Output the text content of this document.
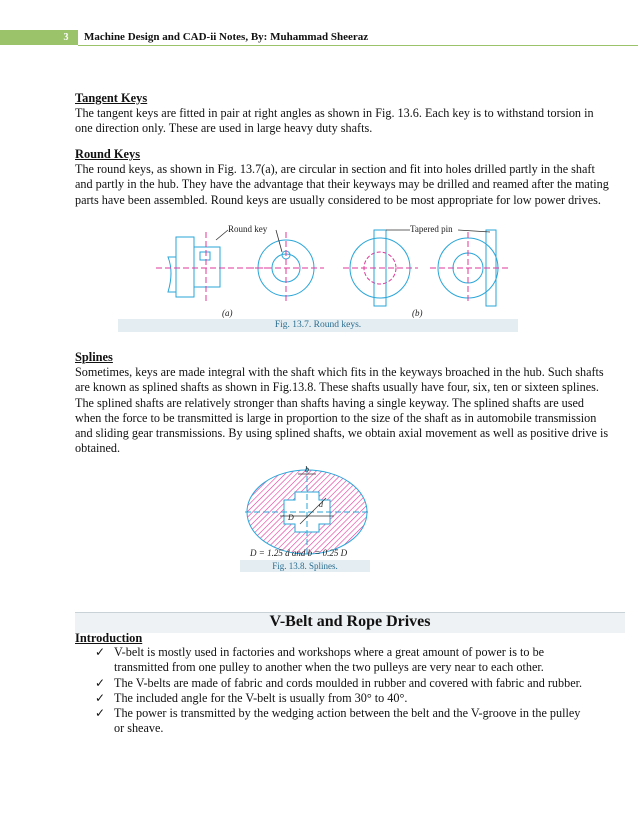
3	Machine Design and CAD-ii Notes, By: Muhammad Sheeraz
Tangent Keys
The tangent keys are fitted in pair at right angles as shown in Fig. 13.6. Each key is to withstand torsion in one direction only. These are used in large heavy duty shafts.
Round Keys
The round keys, as shown in Fig. 13.7(a), are circular in section and fit into holes drilled partly in the shaft and partly in the hub. They have the advantage that their keyways may be drilled and reamed after the mating parts have been assembled. Round keys are usually considered to be most appropriate for low power drives.
Round key	Tapered pin
(a)	(b)
Fig. 13.7. Round keys.
Splines
Sometimes, keys are made integral with the shaft which fits in the keyways broached in the hub. Such shafts are known as splined shafts as shown in Fig.13.8. These shafts usually have four, six, ten or sixteen splines. The splined shafts are relatively stronger than shafts having a single keyway. The splined shafts are used when the force to be transmitted is large in proportion to the size of the shaft as in automobile transmission and sliding gear transmissions. By using splined shafts, we obtain axial movement as well as positive drive is obtained.
b
d
D
D = 1.25 d and b = 0.25 D
Fig. 13.8. Splines.
V-Belt and Rope Drives
Introduction
✓ V-belt is mostly used in factories and workshops where a great amount of power is to be transmitted from one pulley to another when the two pulleys are very near to each other.
✓ The V-belts are made of fabric and cords moulded in rubber and covered with fabric and rubber.
✓ The included angle for the V-belt is usually from 30° to 40°.
✓ The power is transmitted by the wedging action between the belt and the V-groove in the pulley or sheave.
